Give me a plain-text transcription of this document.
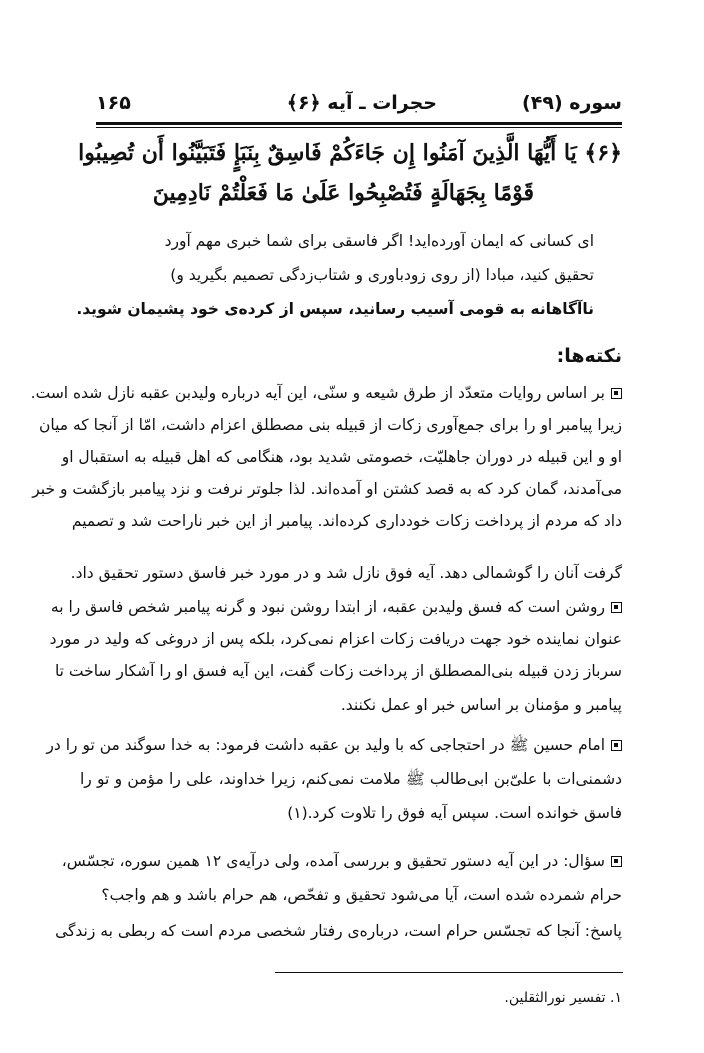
سوره (۴۹)
حجرات ـ آیه ﴿۶﴾
۱۶۵
﴿۶﴾ يَا أَيُّهَا الَّذِينَ آمَنُوا إِن جَاءَكُمْ فَاسِقٌ بِنَبَإٍ فَتَبَيَّنُوا أَن تُصِيبُوا
قَوْمًا بِجَهَالَةٍ فَتُصْبِحُوا عَلَىٰ مَا فَعَلْتُمْ نَادِمِينَ
ای کسانی که ایمان آورده‌اید! اگر فاسقی برای شما خبری مهم آورد
تحقیق کنید، مبادا (از روی زودباوری و شتاب‌زدگی تصمیم بگیرید و)
ناآگاهانه به قومی آسیب رسانید، سپس از کرده‌ی خود پشیمان شوید.
نکته‌ها:
بر اساس روایات متعدّد از طرق شیعه و سنّی، این آیه درباره ولیدبن عقبه نازل شده است.
زیرا پیامبر او را برای جمع‌آوری زکات از قبیله بنی مصطلق اعزام داشت، امّا از آنجا که میان
او و این قبیله در دوران جاهلیّت، خصومتی شدید بود، هنگامی که اهل قبیله به استقبال او
می‌آمدند، گمان کرد که به قصد کشتن او آمده‌اند. لذا جلوتر نرفت و نزد پیامبر بازگشت و خبر
داد که مردم از پرداخت زکات خودداری کرده‌اند. پیامبر از این خبر ناراحت شد و تصمیم
گرفت آنان را گوشمالی دهد. آیه فوق نازل شد و در مورد خبر فاسق دستور تحقیق داد.
روشن است که فسق ولیدبن عقبه، از ابتدا روشن نبود و گرنه پیامبر شخص فاسق را به
عنوان نماینده خود جهت دریافت زکات اعزام نمی‌کرد، بلکه پس از دروغی که ولید در مورد
سرباز زدن قبیله بنی‌المصطلق از پرداخت زکات گفت، این آیه فسق او را آشکار ساخت تا
پیامبر و مؤمنان بر اساس خبر او عمل نکنند.
امام حسین ﷺ در احتجاجی که با ولید بن عقبه داشت فرمود: به خدا سوگند من تو را در
دشمنی‌ات با علیّ‌بن ابی‌طالب ﷺ ملامت نمی‌کنم، زیرا خداوند، علی را مؤمن و تو را
فاسق خوانده است. سپس آیه فوق را تلاوت کرد.(۱)
سؤال: در این آیه دستور تحقیق و بررسی آمده، ولی درآیه‌ی ۱۲ همین سوره، تجسّس،
حرام شمرده شده است، آیا می‌شود تحقیق و تفحّص، هم حرام باشد و هم واجب؟
پاسخ: آنجا که تجسّس حرام است، درباره‌ی رفتار شخصی مردم است که ربطی به زندگی
۱. تفسیر نورالثقلین.
